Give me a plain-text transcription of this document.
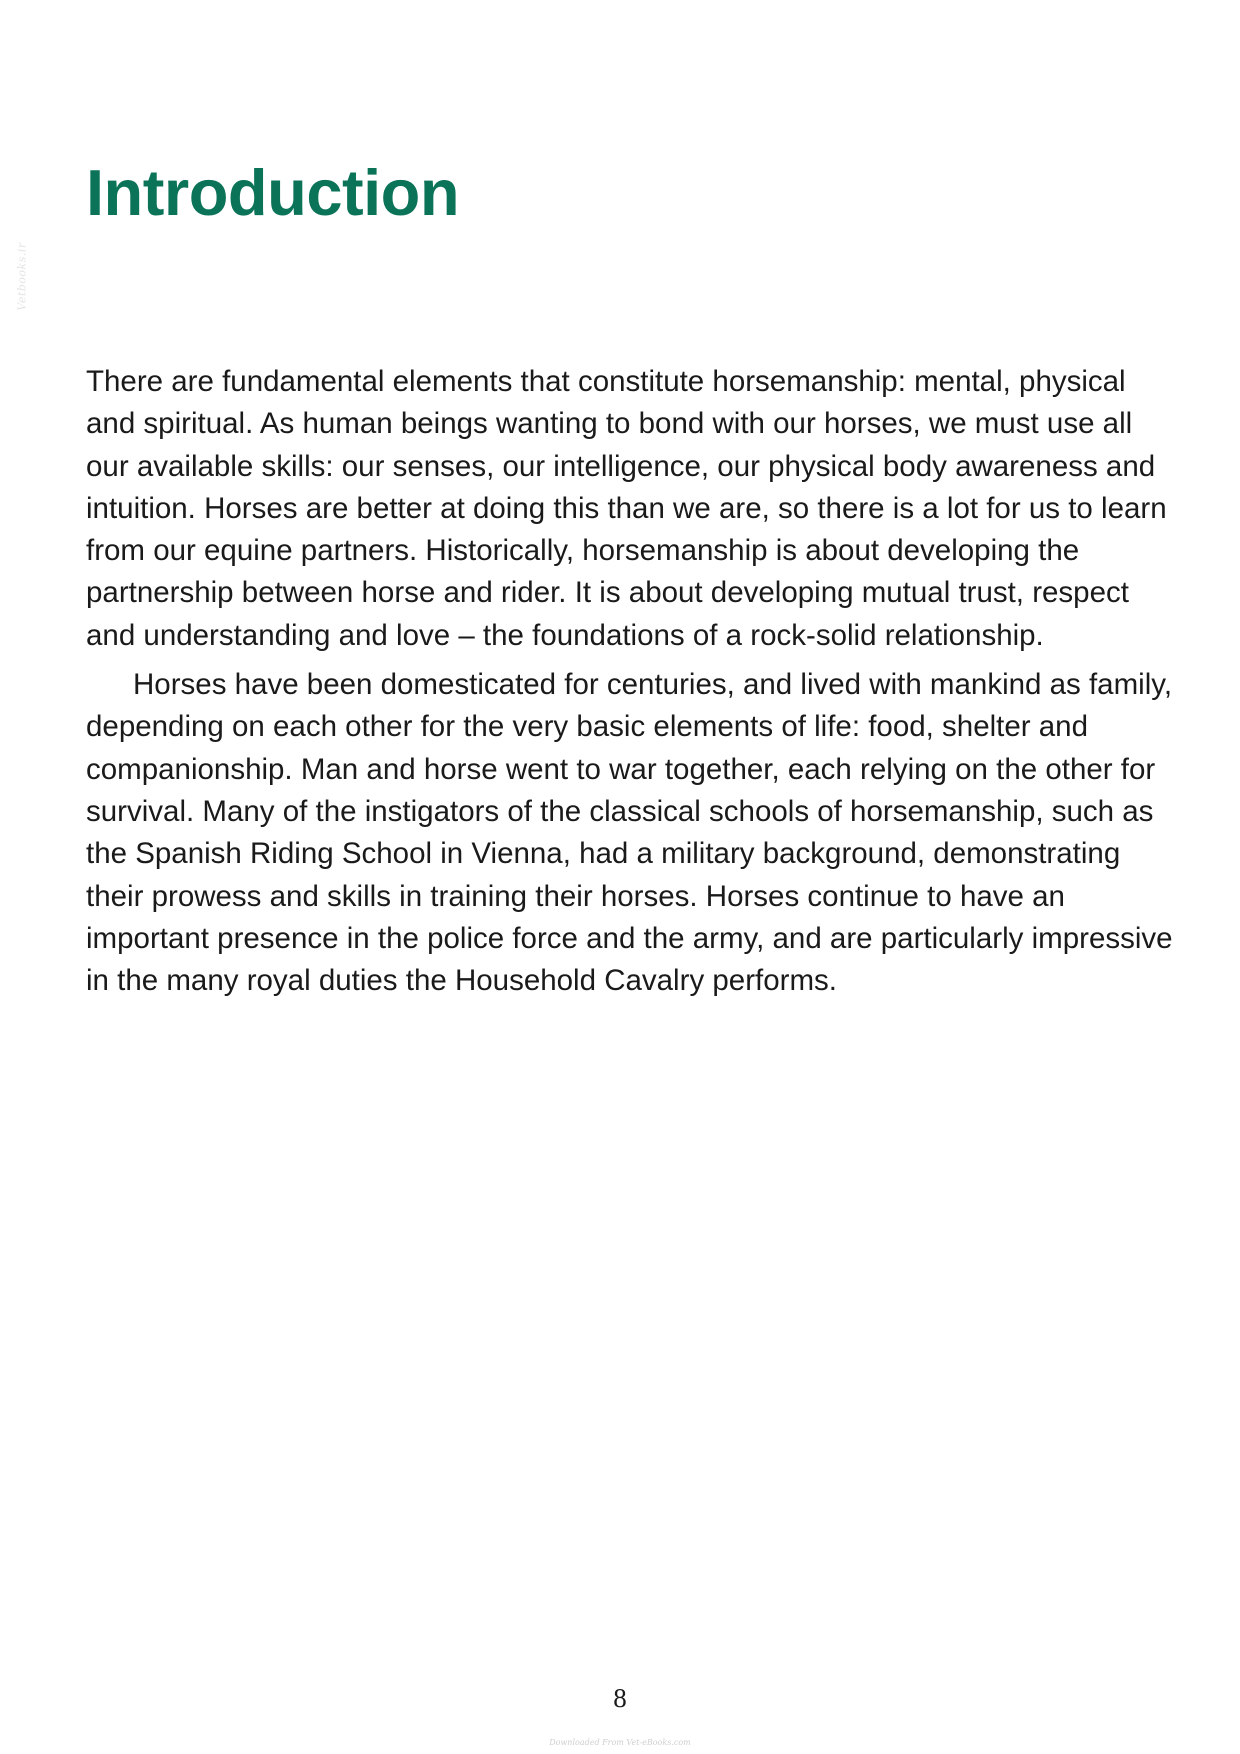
Vetbooks.ir
Introduction

There are fundamental elements that constitute horsemanship: mental, physical and spiritual. As human beings wanting to bond with our horses, we must use all our available skills: our senses, our intelligence, our physical body awareness and intuition. Horses are better at doing this than we are, so there is a lot for us to learn from our equine partners. Historically, horsemanship is about developing the partnership between horse and rider. It is about developing mutual trust, respect and understanding and love – the foundations of a rock-solid relationship.

Horses have been domesticated for centuries, and lived with mankind as family, depending on each other for the very basic elements of life: food, shelter and companionship. Man and horse went to war together, each relying on the other for survival. Many of the instigators of the classical schools of horsemanship, such as the Spanish Riding School in Vienna, had a military background, demonstrating their prowess and skills in training their horses. Horses continue to have an important presence in the police force and the army, and are particularly impressive in the many royal duties the Household Cavalry performs.

8
Downloaded From Vet-eBooks.com
